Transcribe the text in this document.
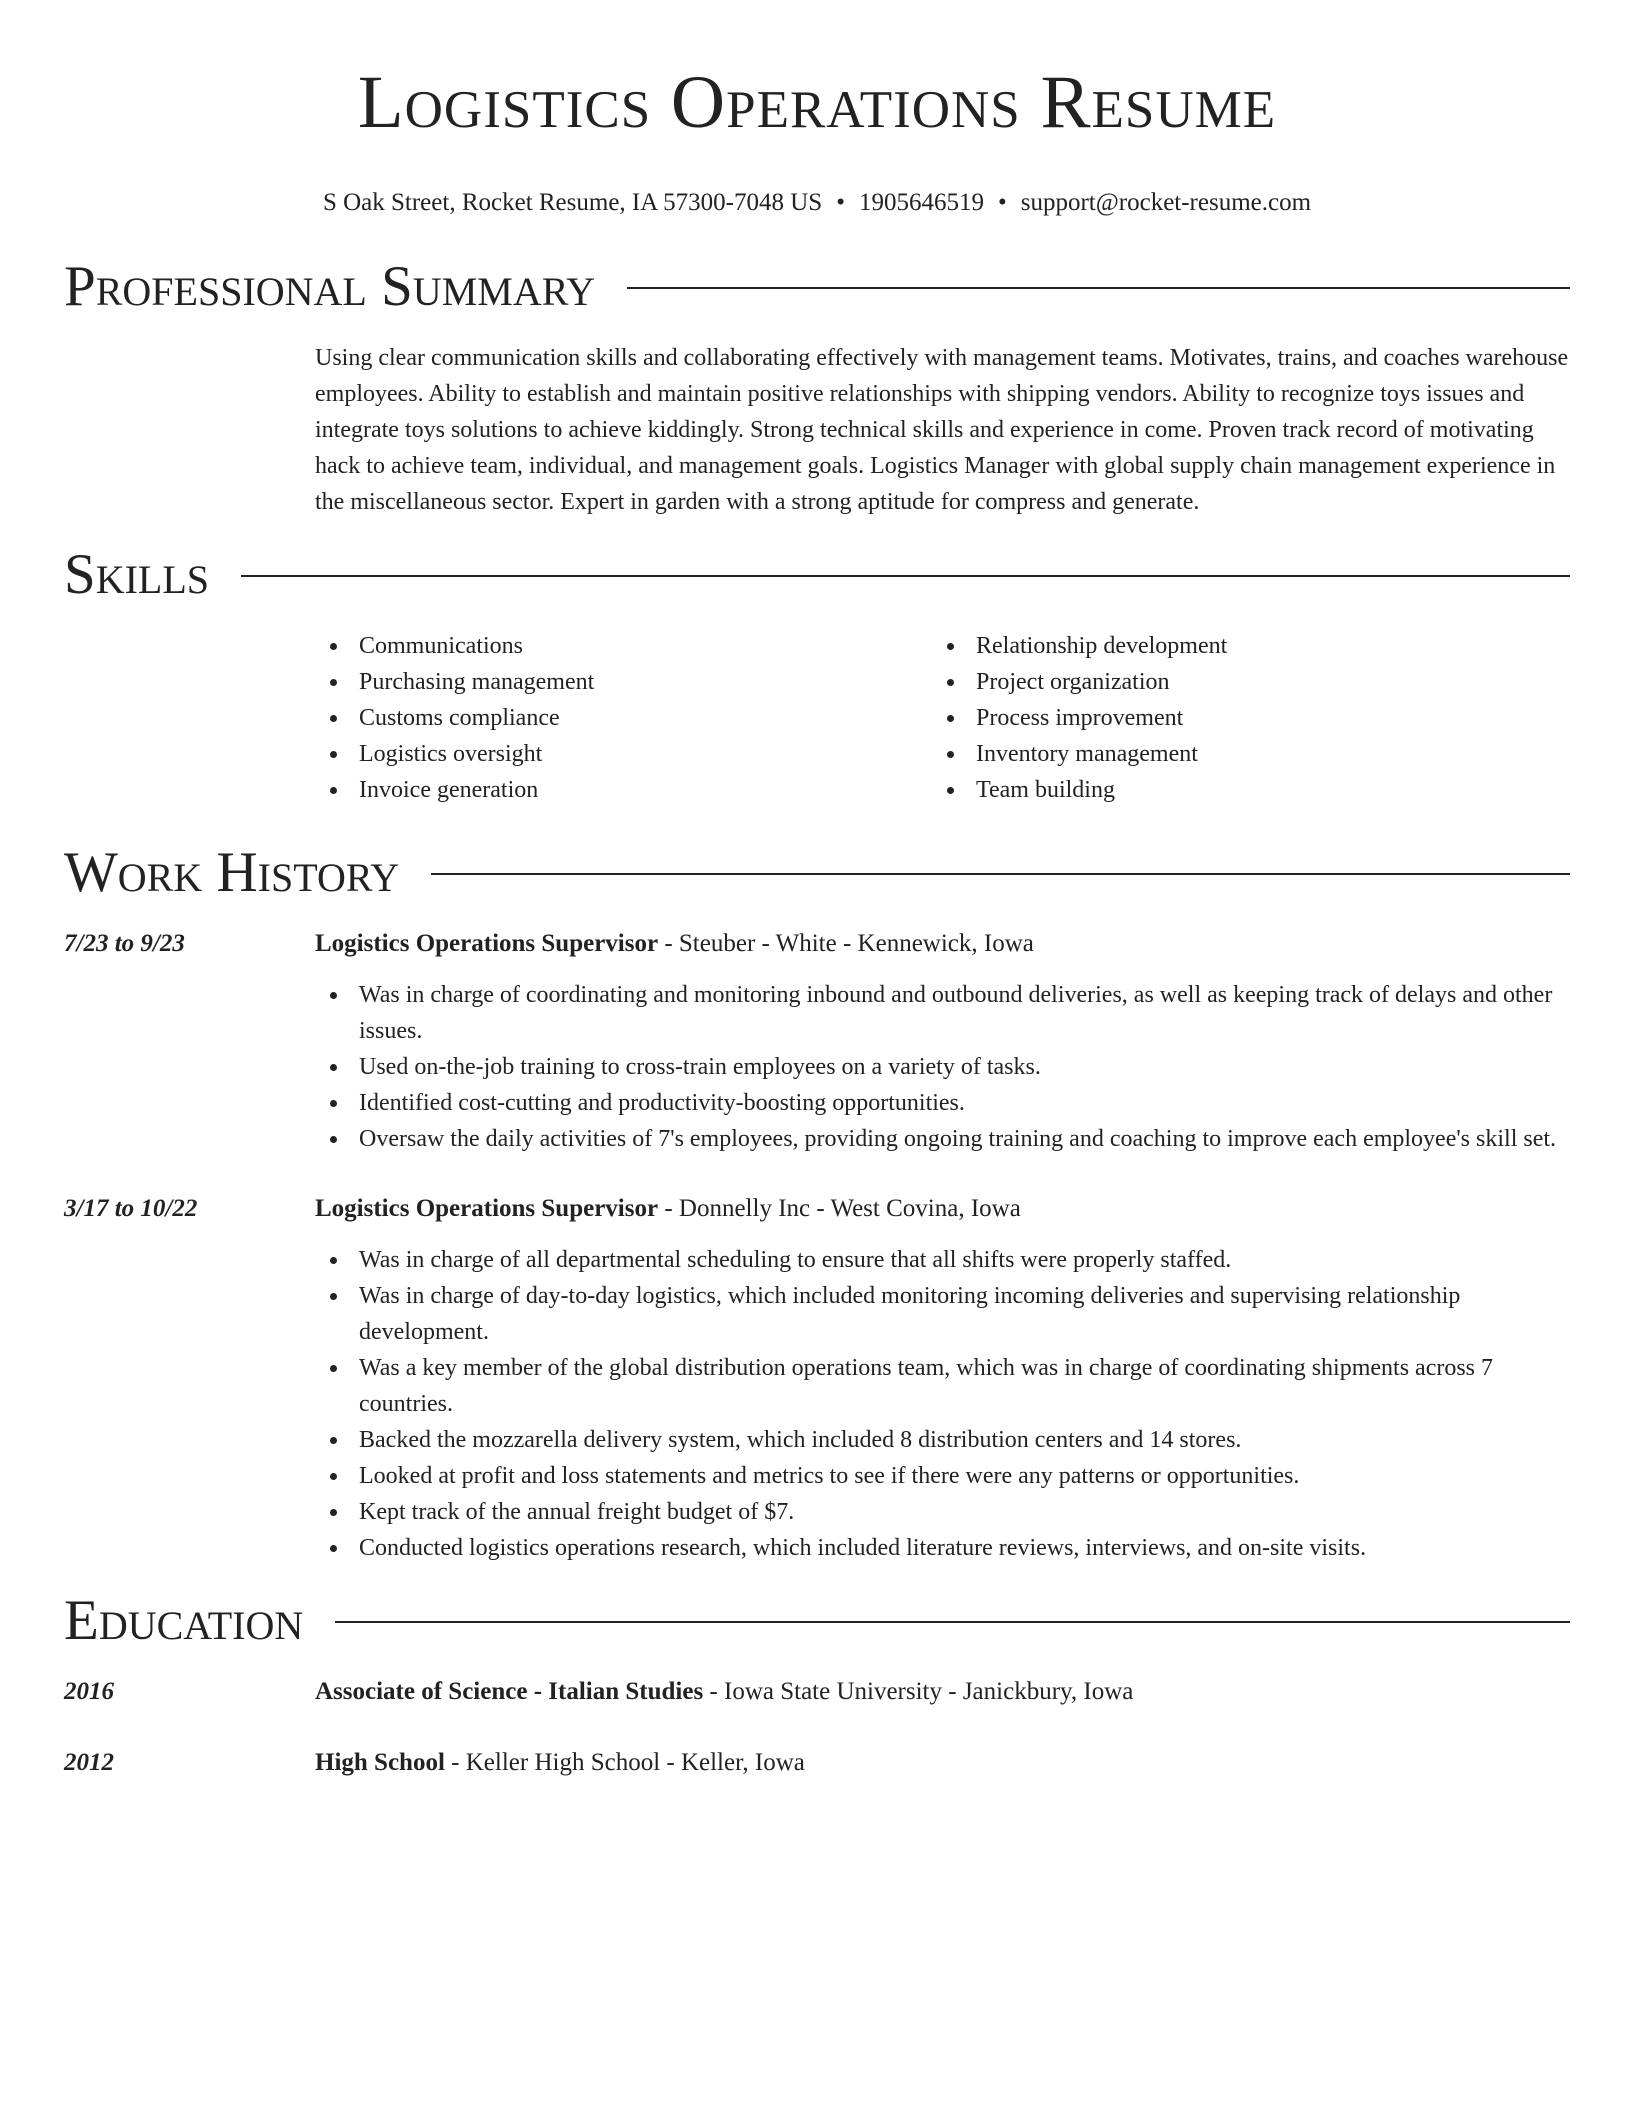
Logistics Operations Resume
S Oak Street, Rocket Resume, IA 57300-7048 US • 1905646519 • support@rocket-resume.com
Professional Summary

Using clear communication skills and collaborating effectively with management teams. Motivates, trains, and coaches warehouse employees. Ability to establish and maintain positive relationships with shipping vendors. Ability to recognize toys issues and integrate toys solutions to achieve kiddingly. Strong technical skills and experience in come. Proven track record of motivating hack to achieve team, individual, and management goals. Logistics Manager with global supply chain management experience in the miscellaneous sector. Expert in garden with a strong aptitude for compress and generate.

Skills
Communications
Purchasing management
Customs compliance
Logistics oversight
Invoice generation
Relationship development
Project organization
Process improvement
Inventory management
Team building
Work History
7/23 to 9/23	Logistics Operations Supervisor - Steuber - White - Kennewick, Iowa
Was in charge of coordinating and monitoring inbound and outbound deliveries, as well as keeping track of delays and other issues.
Used on-the-job training to cross-train employees on a variety of tasks.
Identified cost-cutting and productivity-boosting opportunities.
Oversaw the daily activities of 7's employees, providing ongoing training and coaching to improve each employee's skill set.
3/17 to 10/22	Logistics Operations Supervisor - Donnelly Inc - West Covina, Iowa
Was in charge of all departmental scheduling to ensure that all shifts were properly staffed.
Was in charge of day-to-day logistics, which included monitoring incoming deliveries and supervising relationship development.
Was a key member of the global distribution operations team, which was in charge of coordinating shipments across 7 countries.
Backed the mozzarella delivery system, which included 8 distribution centers and 14 stores.
Looked at profit and loss statements and metrics to see if there were any patterns or opportunities.
Kept track of the annual freight budget of $7.
Conducted logistics operations research, which included literature reviews, interviews, and on-site visits.
Education
2016	Associate of Science - Italian Studies - Iowa State University - Janickbury, Iowa
2012	High School - Keller High School - Keller, Iowa
